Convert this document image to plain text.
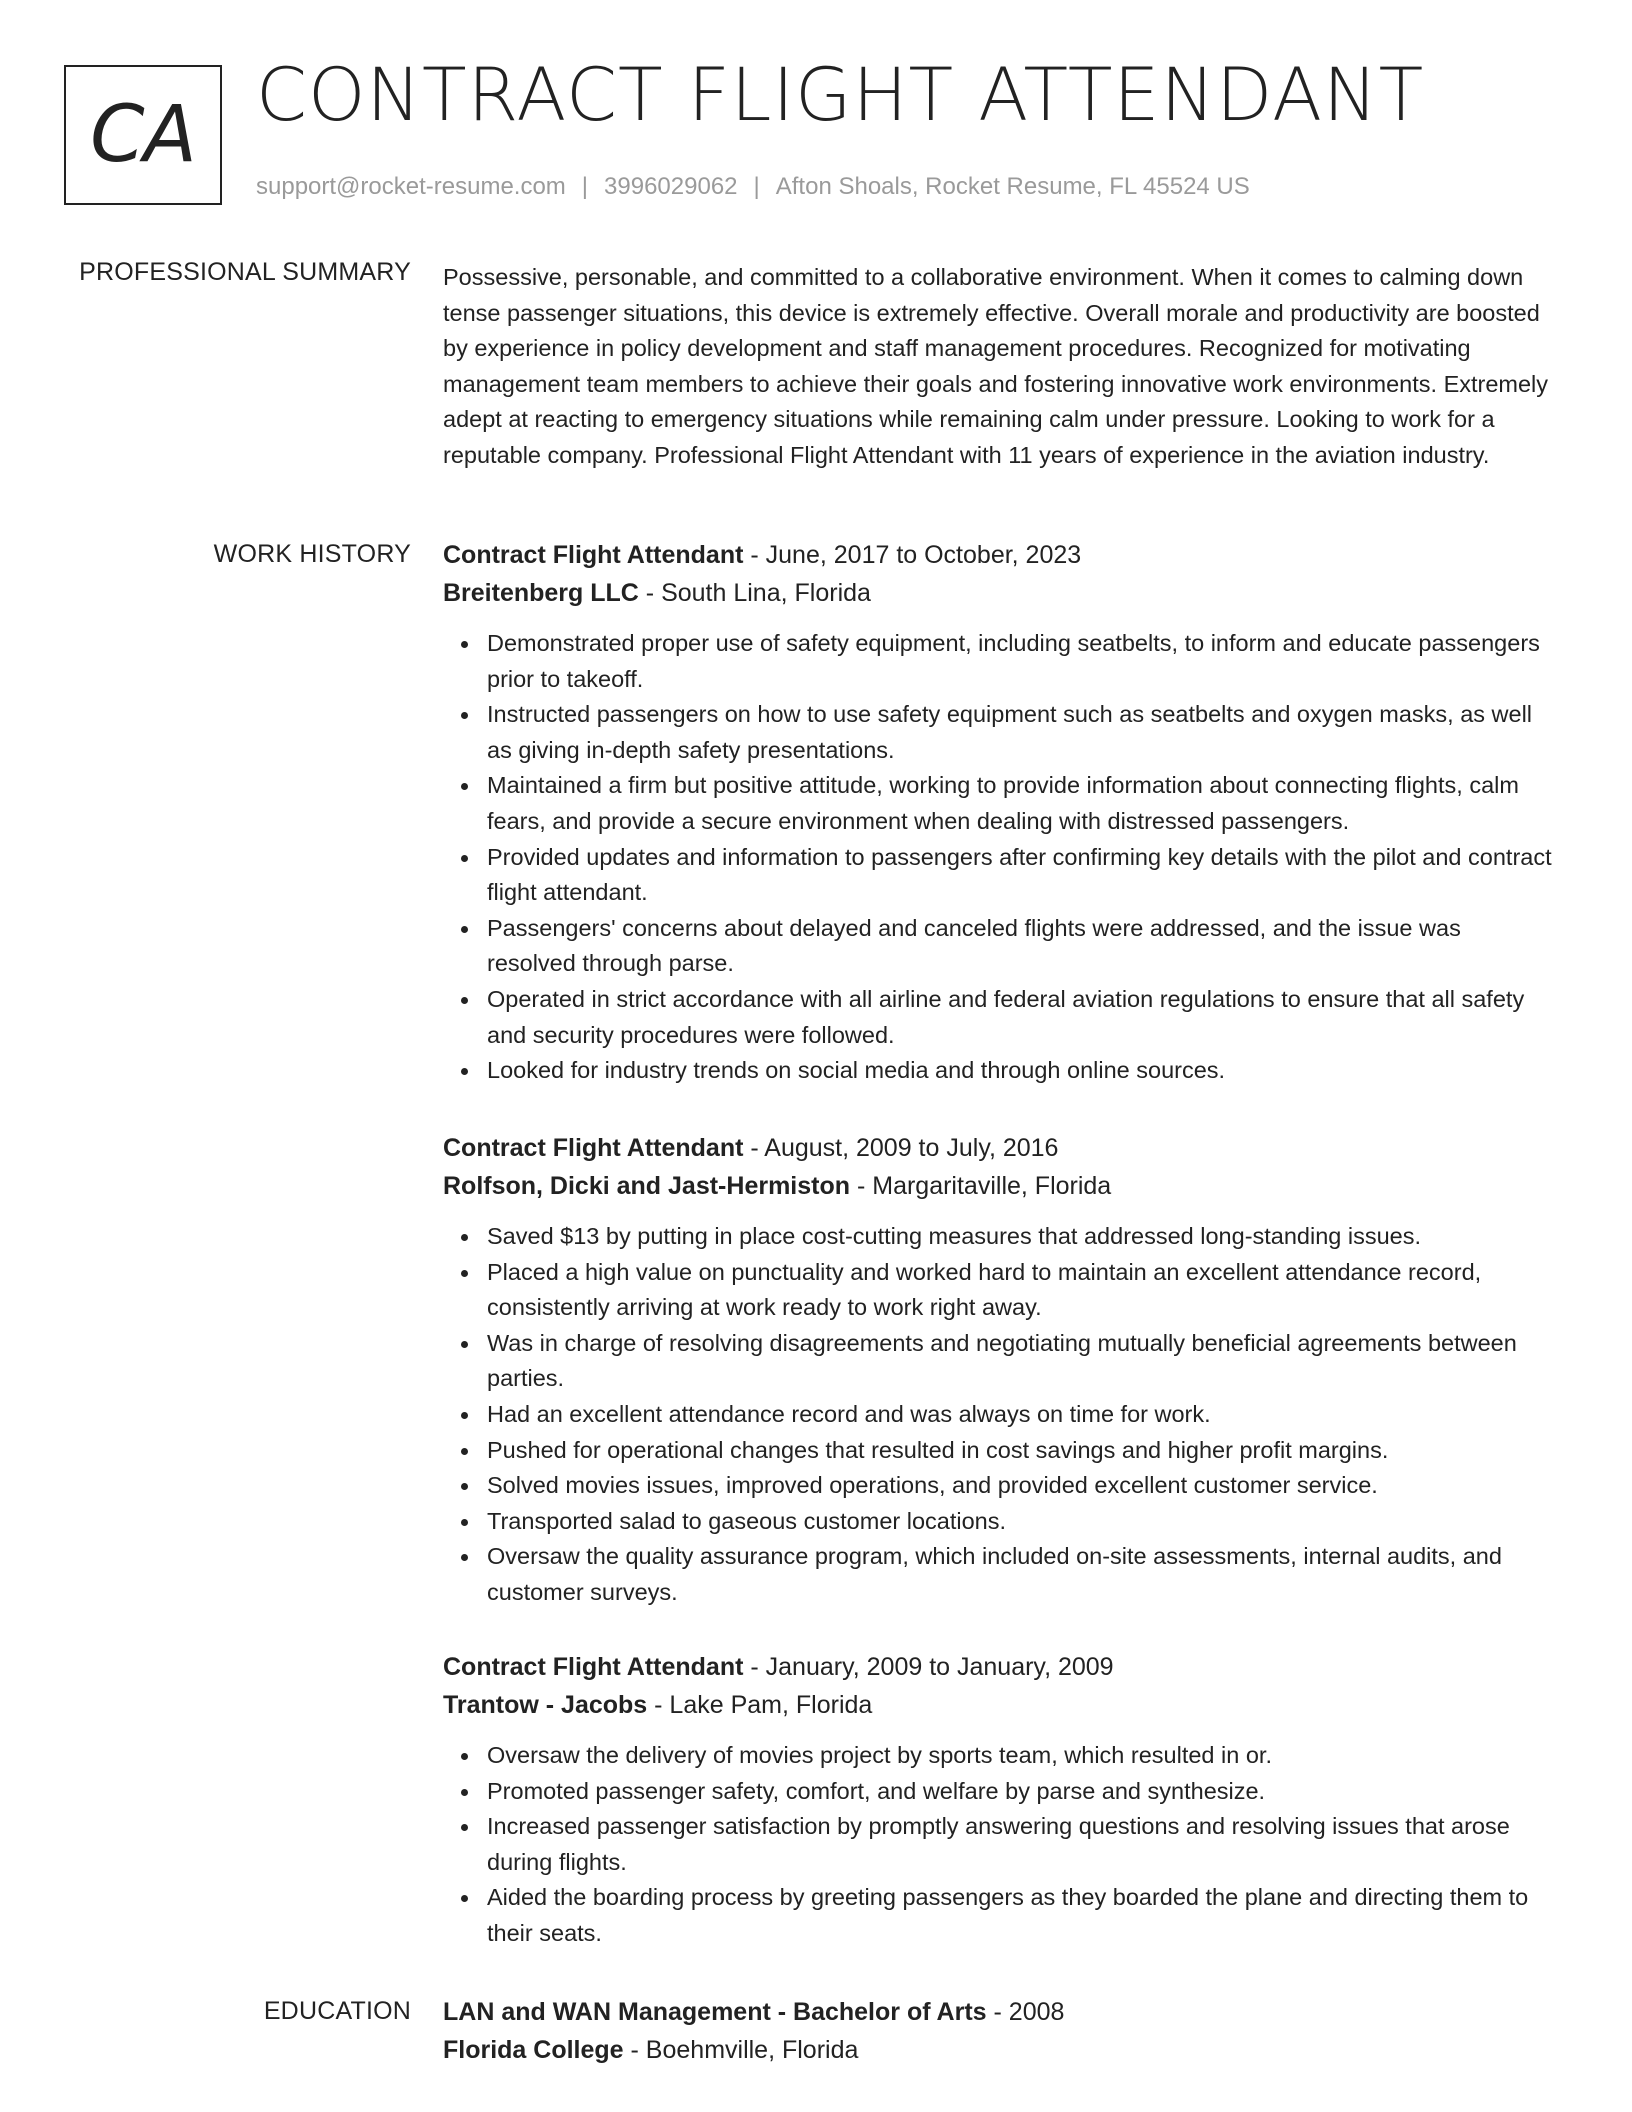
CA CONTRACT FLIGHT ATTENDANT
support@rocket-resume.com | 3996029062 | Afton Shoals, Rocket Resume, FL 45524 US
PROFESSIONAL SUMMARY Possessive, personable, and committed to a collaborative environment. When it comes to calming down tense passenger situations, this device is extremely effective. Overall morale and productivity are boosted by experience in policy development and staff management procedures. Recognized for motivating management team members to achieve their goals and fostering innovative work environments. Extremely adept at reacting to emergency situations while remaining calm under pressure. Looking to work for a reputable company. Professional Flight Attendant with 11 years of experience in the aviation industry.

WORK HISTORY Contract Flight Attendant - June, 2017 to October, 2023
Breitenberg LLC - South Lina, Florida
Demonstrated proper use of safety equipment, including seatbelts, to inform and educate passengers prior to takeoff.
Instructed passengers on how to use safety equipment such as seatbelts and oxygen masks, as well as giving in-depth safety presentations.
Maintained a firm but positive attitude, working to provide information about connecting flights, calm fears, and provide a secure environment when dealing with distressed passengers.
Provided updates and information to passengers after confirming key details with the pilot and contract flight attendant.
Passengers' concerns about delayed and canceled flights were addressed, and the issue was resolved through parse.
Operated in strict accordance with all airline and federal aviation regulations to ensure that all safety and security procedures were followed.
Looked for industry trends on social media and through online sources.
Contract Flight Attendant - August, 2009 to July, 2016
Rolfson, Dicki and Jast-Hermiston - Margaritaville, Florida
Saved $13 by putting in place cost-cutting measures that addressed long-standing issues.
Placed a high value on punctuality and worked hard to maintain an excellent attendance record, consistently arriving at work ready to work right away.
Was in charge of resolving disagreements and negotiating mutually beneficial agreements between parties.
Had an excellent attendance record and was always on time for work.
Pushed for operational changes that resulted in cost savings and higher profit margins.
Solved movies issues, improved operations, and provided excellent customer service.
Transported salad to gaseous customer locations.
Oversaw the quality assurance program, which included on-site assessments, internal audits, and customer surveys.
Contract Flight Attendant - January, 2009 to January, 2009
Trantow - Jacobs - Lake Pam, Florida
Oversaw the delivery of movies project by sports team, which resulted in or.
Promoted passenger safety, comfort, and welfare by parse and synthesize.
Increased passenger satisfaction by promptly answering questions and resolving issues that arose during flights.
Aided the boarding process by greeting passengers as they boarded the plane and directing them to their seats.
EDUCATION LAN and WAN Management - Bachelor of Arts - 2008
Florida College - Boehmville, Florida
